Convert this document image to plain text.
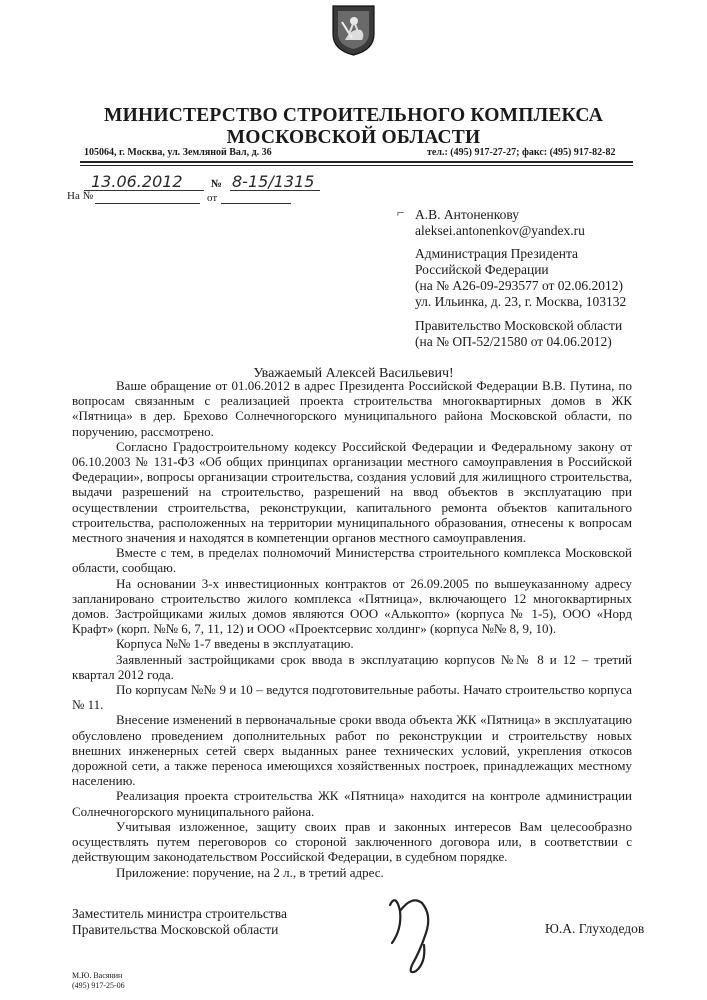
МИНИСТЕРСТВО СТРОИТЕЛЬНОГО КОМПЛЕКСА
МОСКОВСКОЙ ОБЛАСТИ
105064, г. Москва, ул. Земляной Вал, д. 36	тел.: (495) 917-27-27; факс: (495) 917-82-82
13.06.2012	№ 8-15/1315
На №	от
⌐ А.В. Антоненкову
aleksei.antonenkov@yandex.ru
Администрация Президента
Российской Федерации
(на № А26-09-293577 от 02.06.2012)
ул. Ильинка, д. 23, г. Москва, 103132
Правительство Московской области
(на № ОП-52/21580 от 04.06.2012)
Уважаемый Алексей Васильевич!

Ваше обращение от 01.06.2012 в адрес Президента Российской Федерации В.В. Путина, по вопросам связанным с реализацией проекта строительства многоквартирных домов в ЖК «Пятница» в дер. Брехово Солнечногорского муниципального района Московской области, по поручению, рассмотрено.

Согласно Градостроительному кодексу Российской Федерации и Федеральному закону от 06.10.2003 № 131-ФЗ «Об общих принципах организации местного самоуправления в Российской Федерации», вопросы организации строительства, создания условий для жилищного строительства, выдачи разрешений на строительство, разрешений на ввод объектов в эксплуатацию при осуществлении строительства, реконструкции, капитального ремонта объектов капитального строительства, расположенных на территории муниципального образования, отнесены к вопросам местного значения и находятся в компетенции органов местного самоуправления.

Вместе с тем, в пределах полномочий Министерства строительного комплекса Московской области, сообщаю.

На основании 3-х инвестиционных контрактов от 26.09.2005 по вышеуказанному адресу запланировано строительство жилого комплекса «Пятница», включающего 12 многоквартирных домов. Застройщиками жилых домов являются ООО «Алькопто» (корпуса № 1-5), ООО «Норд Крафт» (корп. №№ 6, 7, 11, 12) и ООО «Проектсервис холдинг» (корпуса №№ 8, 9, 10).

Корпуса №№ 1-7 введены в эксплуатацию.

Заявленный застройщиками срок ввода в эксплуатацию корпусов №№ 8 и 12 – третий квартал 2012 года.

По корпусам №№ 9 и 10 – ведутся подготовительные работы. Начато строительство корпуса № 11.

Внесение изменений в первоначальные сроки ввода объекта ЖК «Пятница» в эксплуатацию обусловлено проведением дополнительных работ по реконструкции и строительству новых внешних инженерных сетей сверх выданных ранее технических условий, укрепления откосов дорожной сети, а также переноса имеющихся хозяйственных построек, принадлежащих местному населению.

Реализация проекта строительства ЖК «Пятница» находится на контроле администрации Солнечногорского муниципального района.

Учитывая изложенное, защиту своих прав и законных интересов Вам целесообразно осуществлять путем переговоров со стороной заключенного договора или, в соответствии с действующим законодательством Российской Федерации, в судебном порядке.

Приложение: поручение, на 2 л., в третий адрес.

Заместитель министра строительства
Правительства Московской области	Ю.А. Глуходедов
М.Ю. Васянин
(495) 917-25-06
